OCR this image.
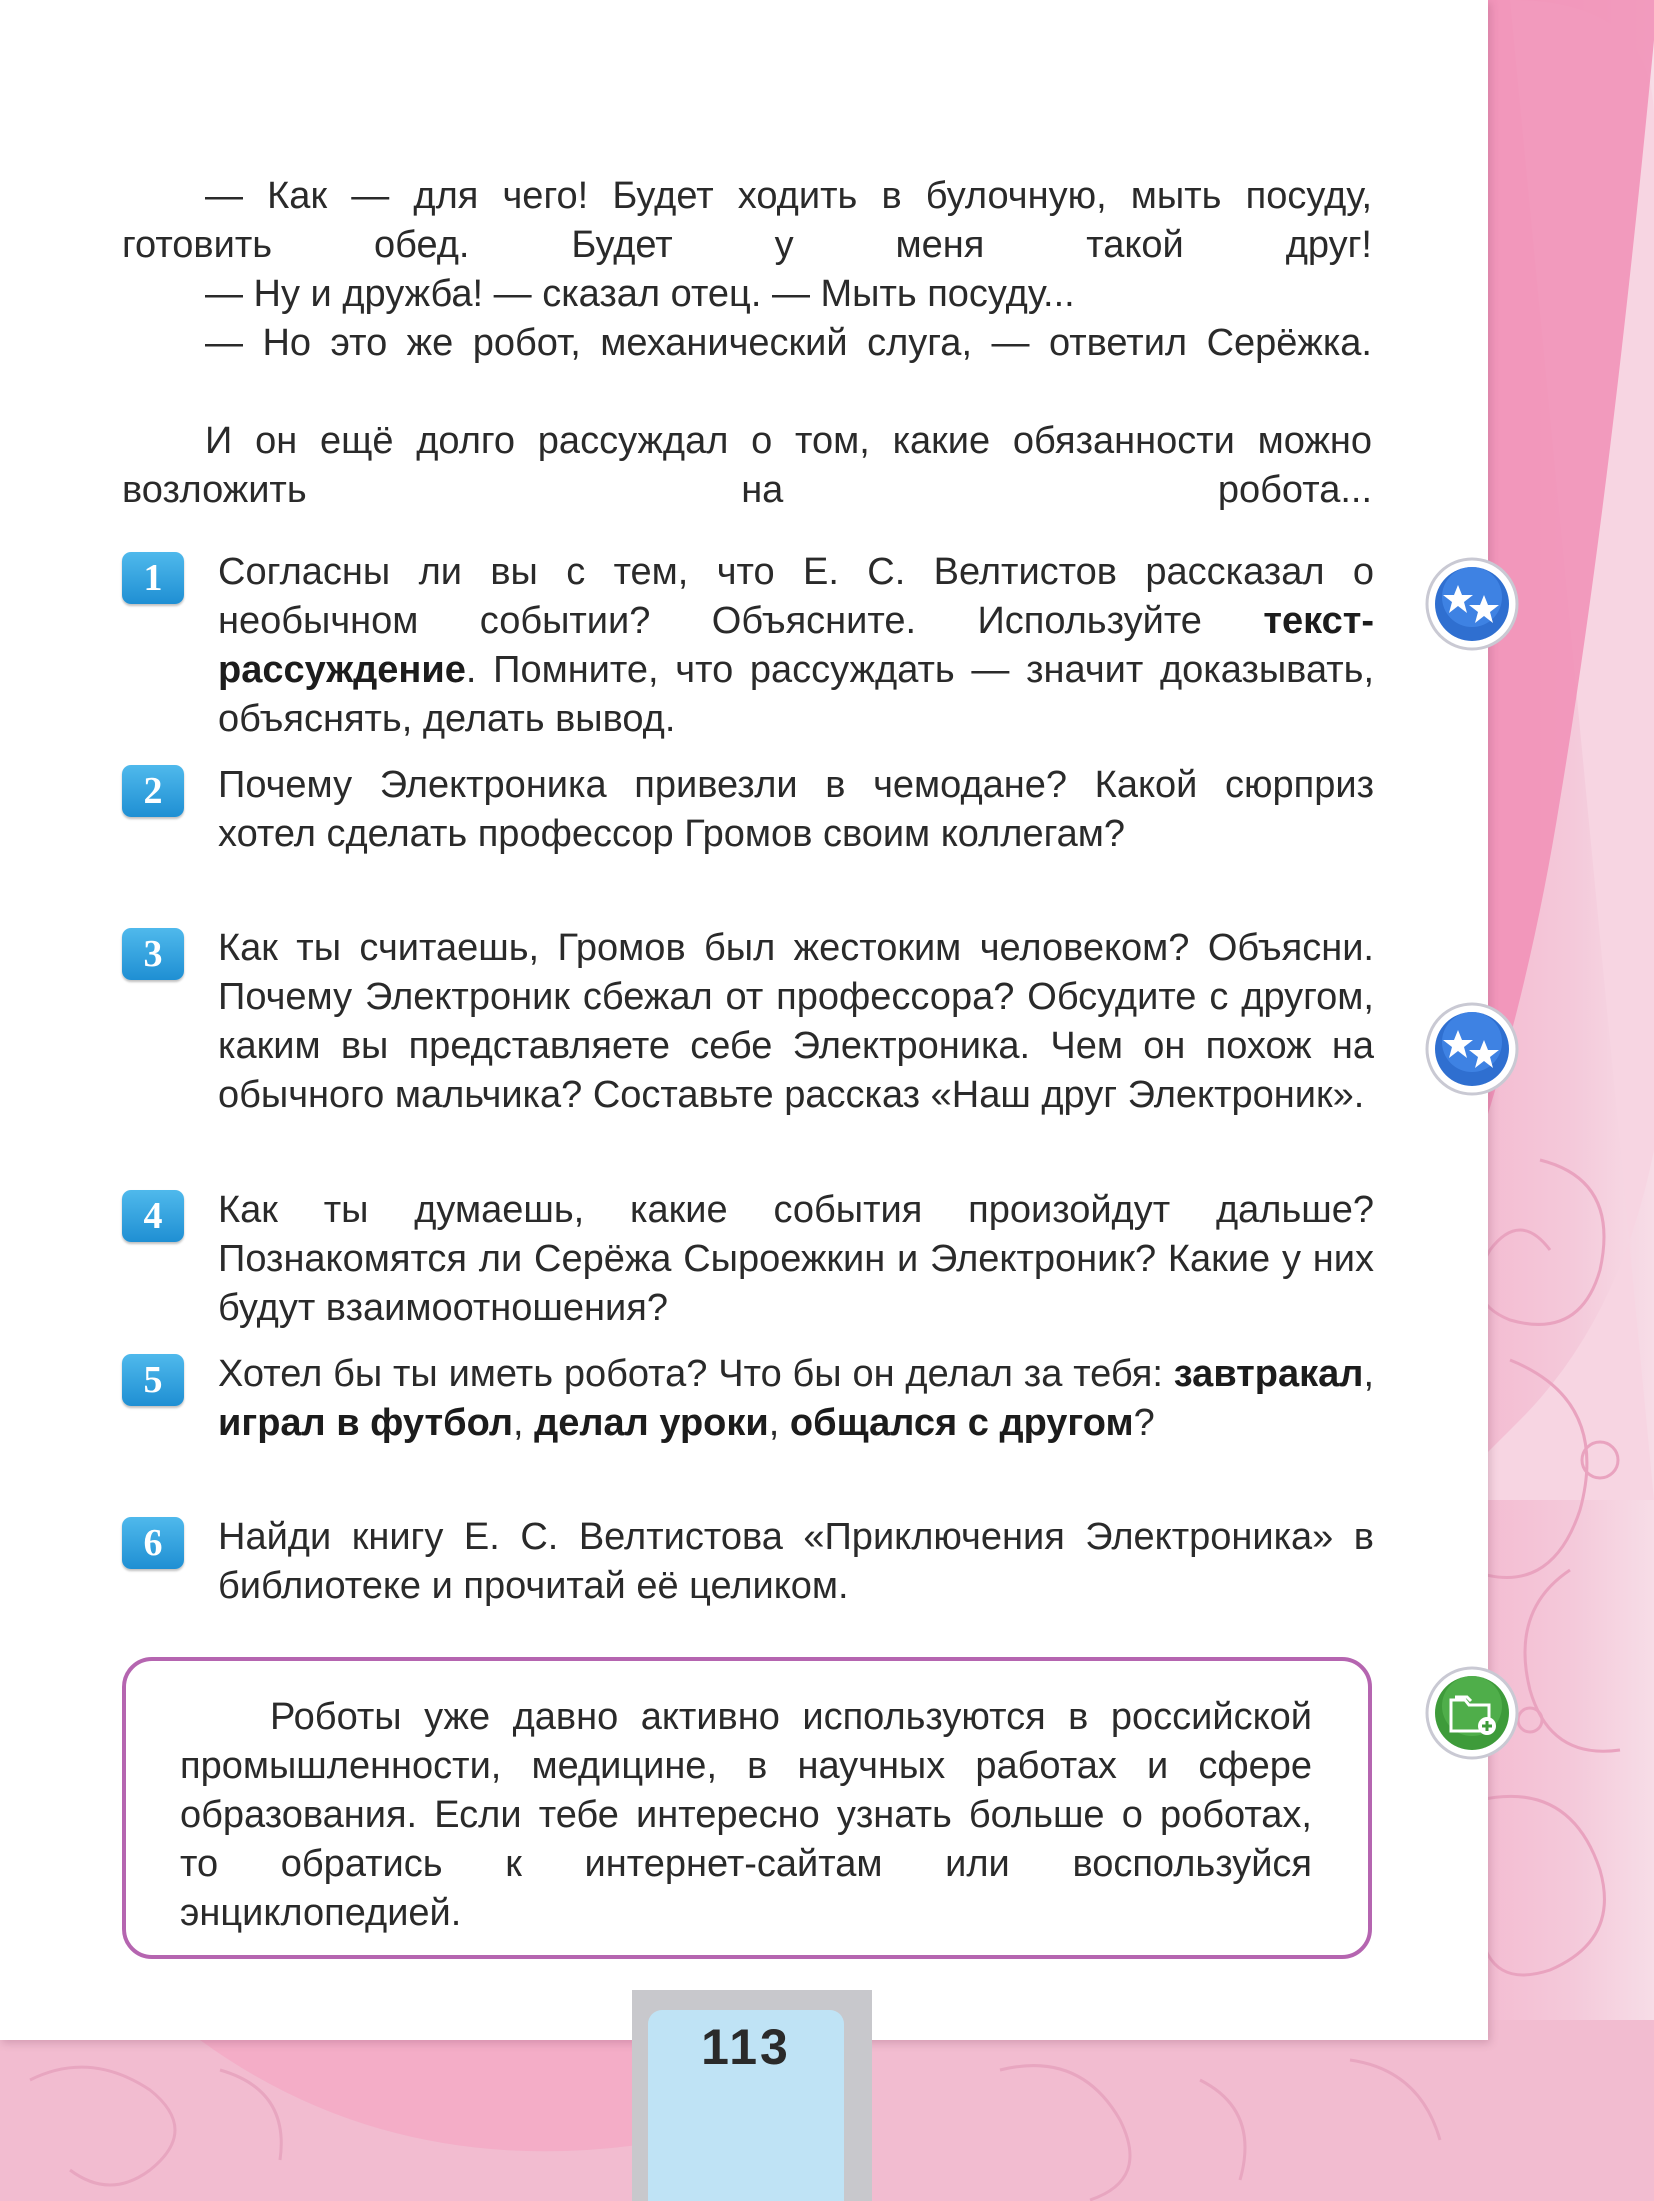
— Как — для чего! Будет ходить в булочную, мыть посуду, готовить обед. Будет у меня такой друг!
— Ну и дружба! — сказал отец. — Мыть посуду...
— Но это же робот, механический слуга, — ответил Серёжка.
И он ещё долго рассуждал о том, какие обязанности можно возложить на робота...
1	Согласны ли вы с тем, что Е. С. Велтистов рассказал о необычном событии? Объясните. Используйте текст-рассуждение. Помните, что рассуждать — значит доказывать, объяснять, делать вывод.
2	Почему Электроника привезли в чемодане? Какой сюрприз хотел сделать профессор Громов своим коллегам?
3	Как ты считаешь, Громов был жестоким человеком? Объясни. Почему Электроник сбежал от профессора? Обсудите с другом, каким вы представляете себе Электроника. Чем он похож на обычного мальчика? Составьте рассказ «Наш друг Электроник».
4	Как ты думаешь, какие события произойдут дальше? Познакомятся ли Серёжа Сыроежкин и Электроник? Какие у них будут взаимоотношения?
5	Хотел бы ты иметь робота? Что бы он делал за тебя: завтракал, играл в футбол, делал уроки, общался с другом?
6	Найди книгу Е. С. Велтистова «Приключения Электроника» в библиотеке и прочитай её целиком.
Роботы уже давно активно используются в российской промышленности, медицине, в научных работах и сфере образования. Если тебе интересно узнать больше о роботах, то обратись к интернет-сайтам или воспользуйся энциклопедией.
113
